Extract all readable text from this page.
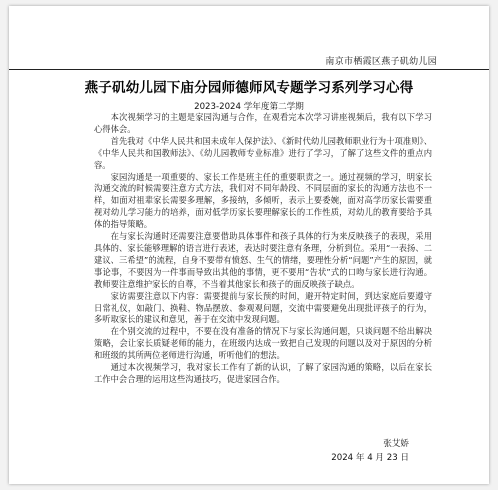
南京市栖霞区燕子矶幼儿园
燕子矶幼儿园下庙分园师德师风专题学习系列学习心得
2023-2024 学年度第二学期

本次视频学习的主题是家园沟通与合作，在观看完本次学习讲座视频后，我有以下学习心得体会。

首先我对《中华人民共和国未成年人保护法》、《新时代幼儿园教师职业行为十项准则》、《中华人民共和国教师法》、《幼儿园教师专业标准》进行了学习，了解了这些文件的重点内容。

家园沟通是一项重要的、家长工作是班主任的重要职责之一。通过视频的学习，明家长沟通交流的时候需要注意方式方法，我们对不同年龄段、不同层面的家长的沟通方法也不一样，如面对祖辈家长需要多理解，多接纳，多倾听，表示上要委婉，面对高学历家长需要重视对幼儿学习能力的培养，面对低学历家长要理解家长的工作性质，对幼儿的教育要给予具体的指导策略。

在与家长沟通时还需要注意要借助具体事件和孩子具体的行为来反映孩子的表现，采用具体的、家长能够理解的语言进行表述，表达时要注意有条理，分析到位。采用“一表扬、二建议、三希望”的流程，自身不要带有愤怒、生气的情绪，要理性分析“问题”产生的原因，就事论事，不要因为一件事而导致出其他的事情，更不要用“告状”式的口吻与家长进行沟通。教师要注意维护家长的自尊，不当着其他家长和孩子的面反映孩子缺点。

家访需要注意以下内容：需要提前与家长预约时间，避开特定时间，到达家庭后要遵守日常礼仪，如敲门、换鞋、物品摆放、参观观问题，交流中需要避免出现批评孩子的行为，多听取家长的建议和意见，善于在交流中发现问题。

在个别交流的过程中，不要在没有准备的情况下与家长沟通问题，只谈问题不给出解决策略，会让家长质疑老师的能力，在班级内达成一致把自己发现的问题以及对于原因的分析和班级的其所两位老师进行沟通，听听他们的想法。

通过本次视频学习，我对家长工作有了新的认识，了解了家园沟通的策略，以后在家长工作中会合理的运用这些沟通技巧，促进家园合作。

张艾娇
2024 年 4 月 23 日
